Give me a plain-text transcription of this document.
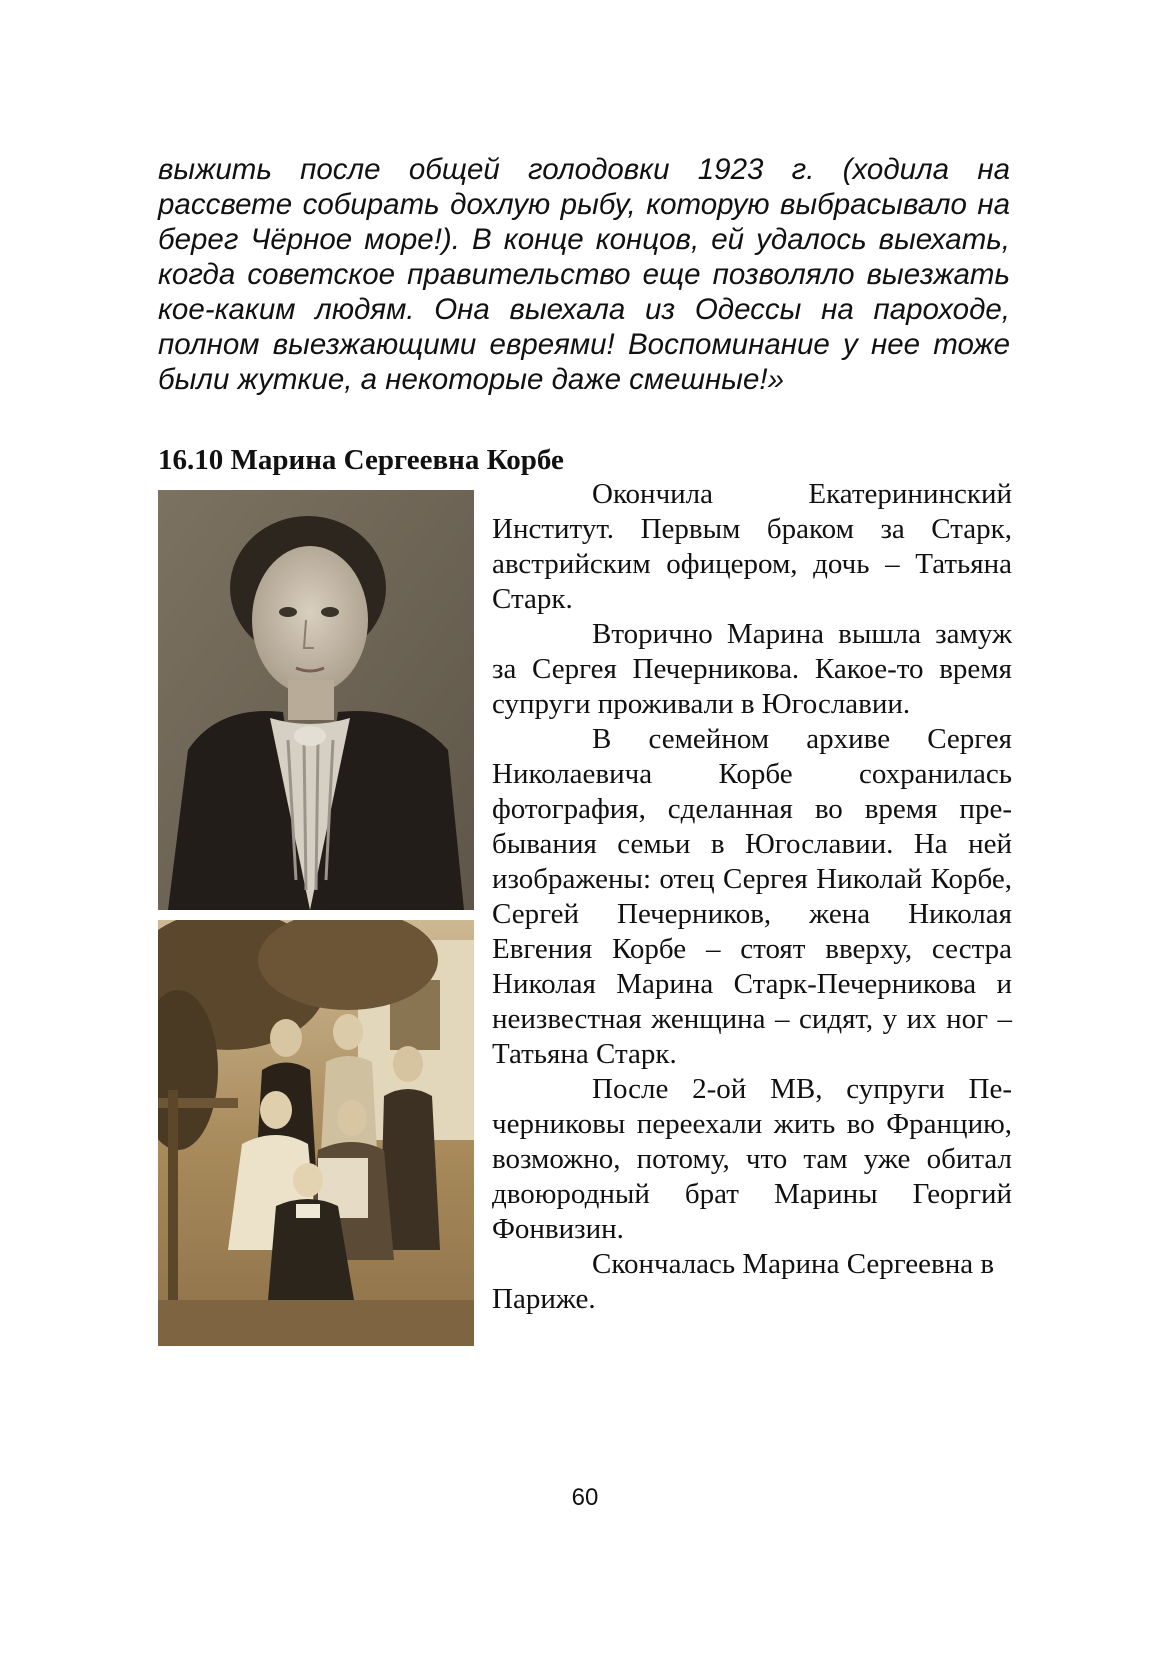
выжить после общей голодовки 1923 г. (ходила на рассвете собирать дохлую рыбу, которую выбрасывало на берег Чёрное море!). В конце концов, ей удалось выехать, когда советское правительство еще позволяло выезжать кое-каким людям. Она выехала из Одессы на пароходе, полном выезжающими евреями! Воспоминание у нее тоже были жуткие, а некоторые даже смешные!»

16.10 Марина Сергеевна Корбе

Окончила Екатерининский Институт. Первым браком за Старк, австрийским офицером, дочь – Татьяна Старк.

Вторично Марина вышла замуж за Сергея Печерникова. Какое-то время супруги проживали в Югославии.

В семейном архиве Сергея Николаевича Корбе сохранилась фотография, сделанная во время пребывания семьи в Югославии. На ней изображены: отец Сергея Николай Корбе, Сергей Печерников, жена Николая Евгения Корбе – стоят вверху, сестра Николая Марина Старк-Печерникова и неизвестная женщина – сидят, у их ног – Татьяна Старк.

После 2-ой МВ, супруги Печерниковы переехали жить во Францию, возможно, потому, что там уже обитал двоюродный брат Марины Георгий Фонвизин.

Скончалась Марина Сергеевна в Париже.

60
